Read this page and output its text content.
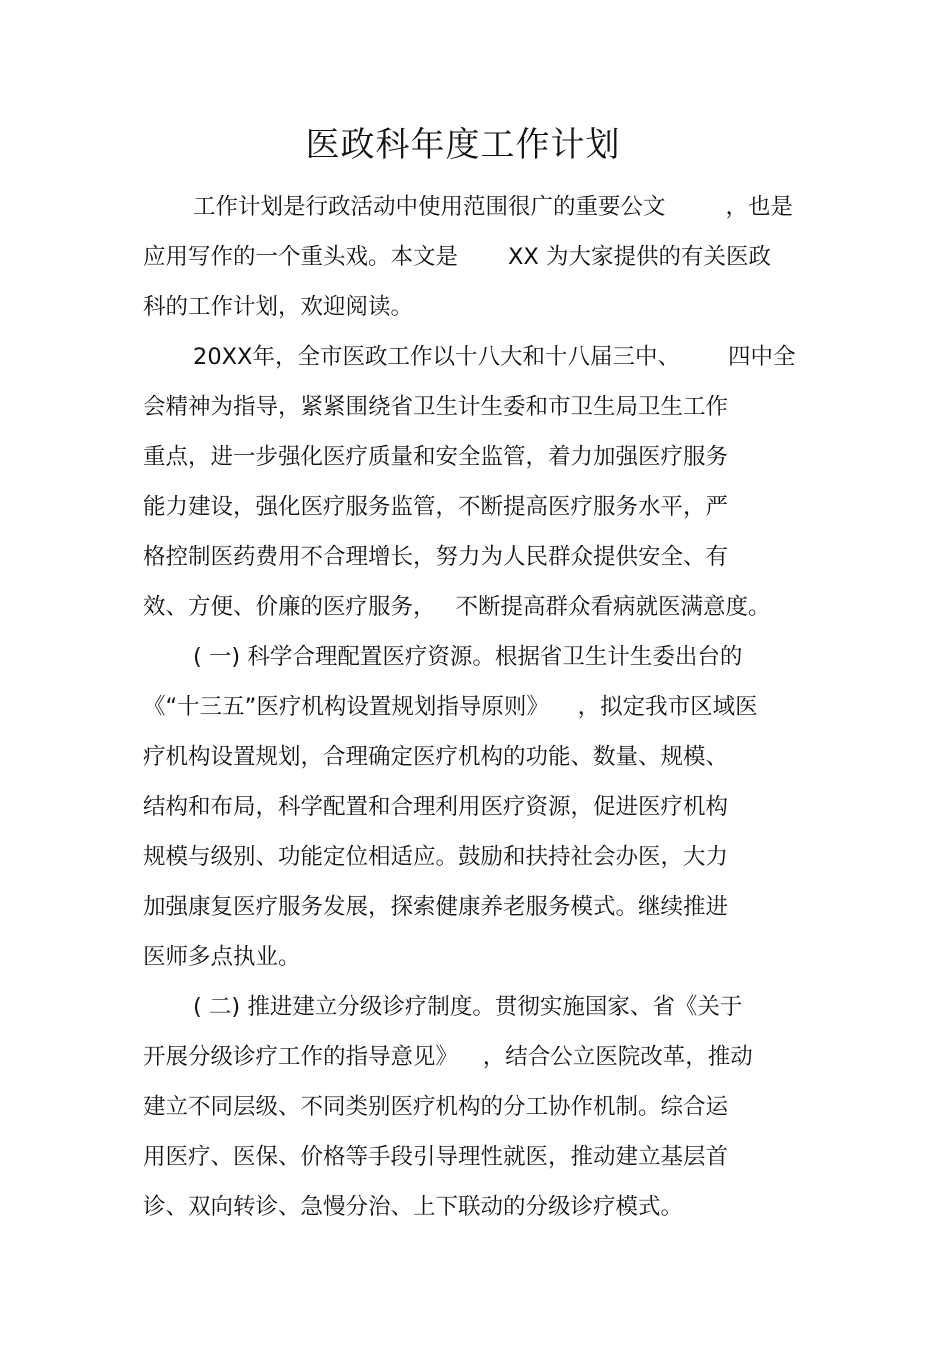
医政科年度工作计划
工作计划是行政活动中使用范围很广的重要公文	，也是
应用写作的一个重头戏。本文是 XX 为大家提供的有关医政
科的工作计划，欢迎阅读。
20XX年，全市医政工作以十八大和十八届三中、 四中全
会精神为指导，紧紧围绕省卫生计生委和市卫生局卫生工作
重点，进一步强化医疗质量和安全监管，着力加强医疗服务
能力建设，强化医疗服务监管，不断提高医疗服务水平，严
格控制医药费用不合理增长，努力为人民群众提供安全、有
效、方便、价廉的医疗服务， 不断提高群众看病就医满意度。
( 一) 科学合理配置医疗资源。根据省卫生计生委出台的
《“十三五”医疗机构设置规划指导原则》 ，拟定我市区域医
疗机构设置规划，合理确定医疗机构的功能、数量、规模、
结构和布局，科学配置和合理利用医疗资源，促进医疗机构
规模与级别、功能定位相适应。鼓励和扶持社会办医，大力
加强康复医疗服务发展，探索健康养老服务模式。继续推进
医师多点执业。
( 二) 推进建立分级诊疗制度。贯彻实施国家、省《关于
开展分级诊疗工作的指导意见》 ，结合公立医院改革，推动
建立不同层级、不同类别医疗机构的分工协作机制。综合运
用医疗、医保、价格等手段引导理性就医，推动建立基层首
诊、双向转诊、急慢分治、上下联动的分级诊疗模式。
